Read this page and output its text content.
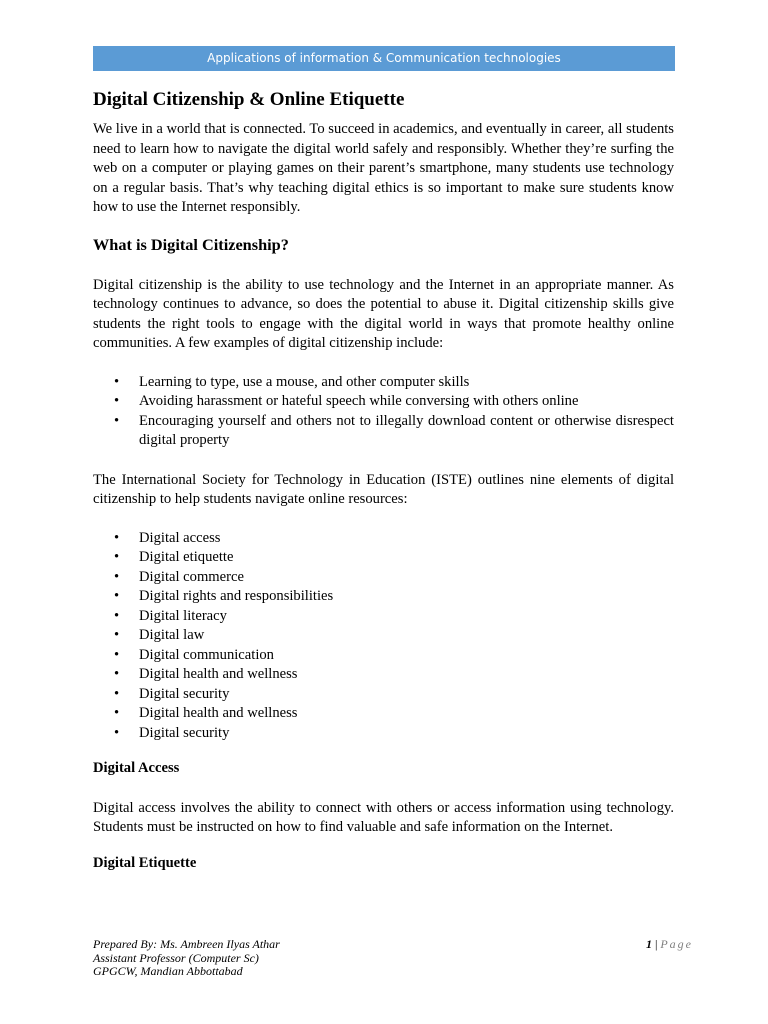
Applications of information & Communication technologies
Digital Citizenship & Online Etiquette

We live in a world that is connected. To succeed in academics, and eventually in career, all students need to learn how to navigate the digital world safely and responsibly. Whether they’re surfing the web on a computer or playing games on their parent’s smartphone, many students use technology on a regular basis. That’s why teaching digital ethics is so important to make sure students know how to use the Internet responsibly.

What is Digital Citizenship?

Digital citizenship is the ability to use technology and the Internet in an appropriate manner. As technology continues to advance, so does the potential to abuse it. Digital citizenship skills give students the right tools to engage with the digital world in ways that promote healthy online communities. A few examples of digital citizenship include:

• Learning to type, use a mouse, and other computer skills
• Avoiding harassment or hateful speech while conversing with others online
• Encouraging yourself and others not to illegally download content or otherwise disrespect digital property

The International Society for Technology in Education (ISTE) outlines nine elements of digital citizenship to help students navigate online resources:

• Digital access
• Digital etiquette
• Digital commerce
• Digital rights and responsibilities
• Digital literacy
• Digital law
• Digital communication
• Digital health and wellness
• Digital security
• Digital health and wellness
• Digital security
Digital Access

Digital access involves the ability to connect with others or access information using technology. Students must be instructed on how to find valuable and safe information on the Internet.

Digital Etiquette
Prepared By: Ms. Ambreen Ilyas Athar
Assistant Professor (Computer Sc)
GPGCW, Mandian Abbottabad
1 | Page
